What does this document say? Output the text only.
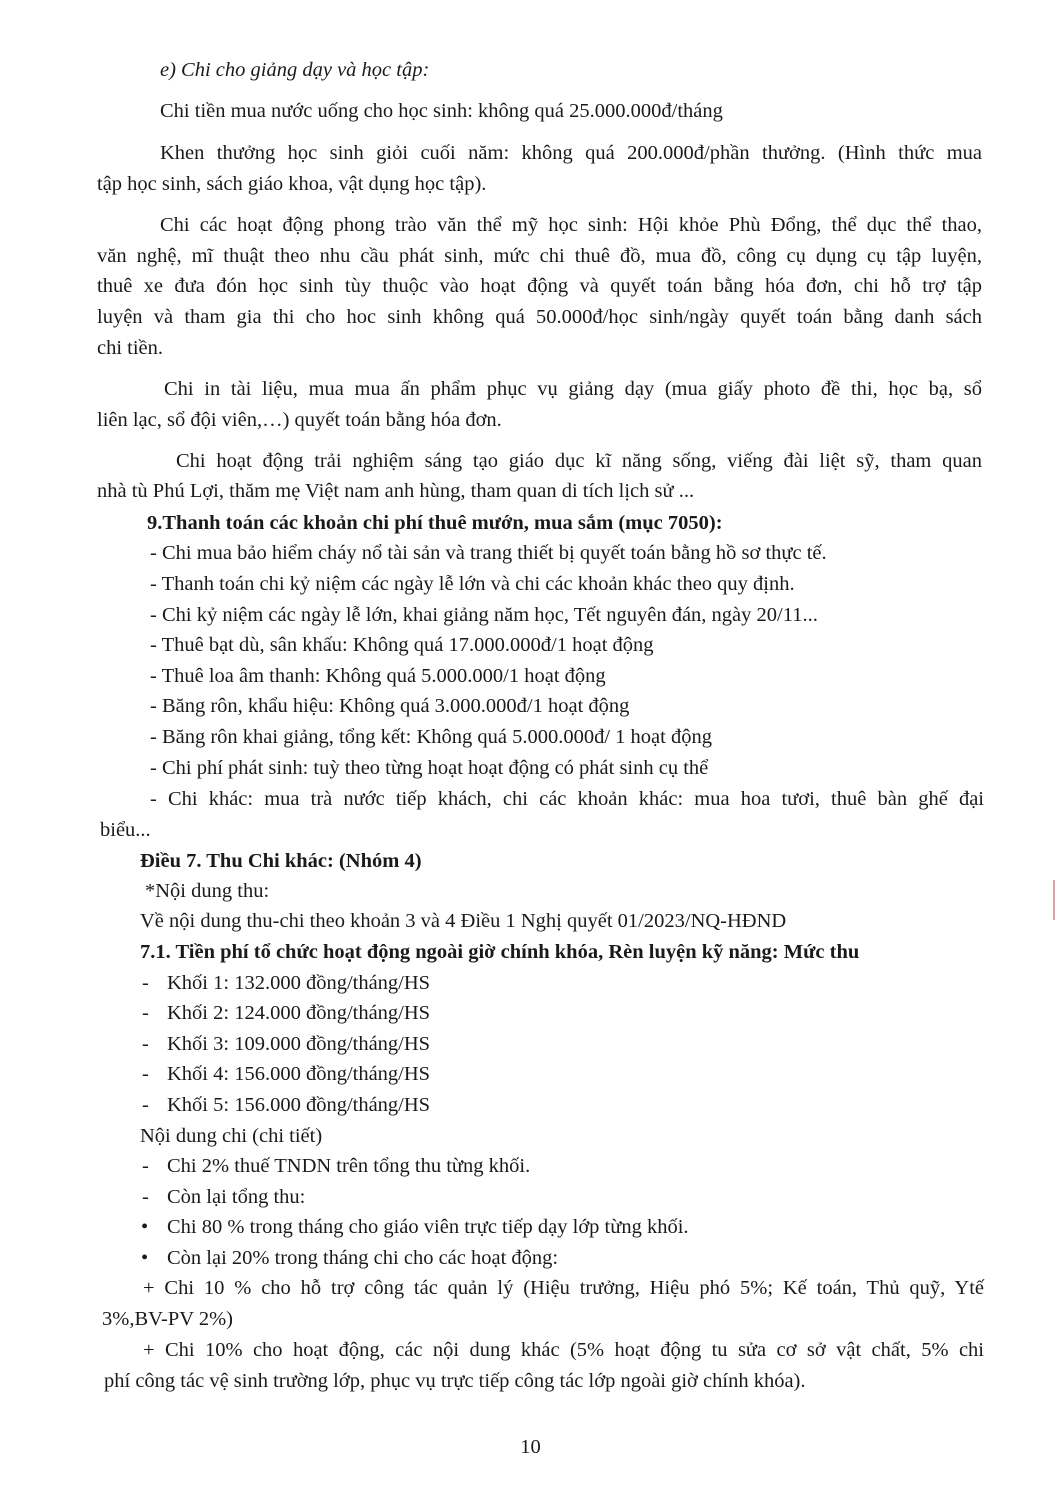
e) Chi cho giảng dạy và học tập:
Chi tiền mua nước uống cho học sinh: không quá 25.000.000đ/tháng
Khen thưởng học sinh giỏi cuối năm: không quá 200.000đ/phần thưởng. (Hình thức mua
tập học sinh, sách giáo khoa, vật dụng học tập).
Chi các hoạt động phong trào văn thể mỹ học sinh: Hội khỏe Phù Đổng, thể dục thể thao,
văn nghệ, mĩ thuật theo nhu cầu phát sinh, mức chi thuê đồ, mua đồ, công cụ dụng cụ tập luyện,
thuê xe đưa đón học sinh tùy thuộc vào hoạt động và quyết toán bằng hóa đơn, chi hỗ trợ tập
luyện và tham gia thi cho hoc sinh không quá 50.000đ/học sinh/ngày quyết toán bằng danh sách
chi tiền.
Chi in tài liệu, mua mua ấn phẩm phục vụ giảng dạy (mua giấy photo đề thi, học bạ, sổ
liên lạc, sổ đội viên,…) quyết toán bằng hóa đơn.
Chi hoạt động trải nghiệm sáng tạo giáo dục kĩ năng sống, viếng đài liệt sỹ, tham quan
nhà tù Phú Lợi, thăm mẹ Việt nam anh hùng, tham quan di tích lịch sử ...
9.Thanh toán các khoản chi phí thuê mướn, mua sắm (mục 7050):
- Chi mua bảo hiểm cháy nổ tài sản và trang thiết bị quyết toán bằng hồ sơ thực tế.
- Thanh toán chi kỷ niệm các ngày lễ lớn và chi các khoản khác theo quy định.
- Chi kỷ niệm các ngày lễ lớn, khai giảng năm học, Tết nguyên đán, ngày 20/11...
- Thuê bạt dù, sân khấu: Không quá 17.000.000đ/1 hoạt động
- Thuê loa âm thanh: Không quá 5.000.000/1 hoạt động
- Băng rôn, khẩu hiệu: Không quá 3.000.000đ/1 hoạt động
- Băng rôn khai giảng, tổng kết: Không quá 5.000.000đ/ 1 hoạt động
- Chi phí phát sinh: tuỳ theo từng hoạt hoạt động có phát sinh cụ thể
- Chi khác: mua trà nước tiếp khách, chi các khoản khác: mua hoa tươi, thuê bàn ghế đại
biểu...
Điều 7. Thu Chi khác: (Nhóm 4)
*Nội dung thu:
Về nội dung thu-chi theo khoản 3 và 4 Điều 1 Nghị quyết 01/2023/NQ-HĐND
7.1. Tiền phí tổ chức hoạt động ngoài giờ chính khóa, Rèn luyện kỹ năng: Mức thu
- Khối 1: 132.000 đồng/tháng/HS
- Khối 2: 124.000 đồng/tháng/HS
- Khối 3: 109.000 đồng/tháng/HS
- Khối 4: 156.000 đồng/tháng/HS
- Khối 5: 156.000 đồng/tháng/HS
Nội dung chi (chi tiết)
- Chi 2% thuế TNDN trên tổng thu từng khối.
- Còn lại tổng thu:
• Chi 80 % trong tháng cho giáo viên trực tiếp dạy lớp từng khối.
• Còn lại 20% trong tháng chi cho các hoạt động:
+ Chi 10 % cho hỗ trợ công tác quản lý (Hiệu trưởng, Hiệu phó 5%; Kế toán, Thủ quỹ, Ytế
3%,BV-PV 2%)
+ Chi 10% cho hoạt động, các nội dung khác (5% hoạt động tu sửa cơ sở vật chất, 5% chi
phí công tác vệ sinh trường lớp, phục vụ trực tiếp công tác lớp ngoài giờ chính khóa).
10
